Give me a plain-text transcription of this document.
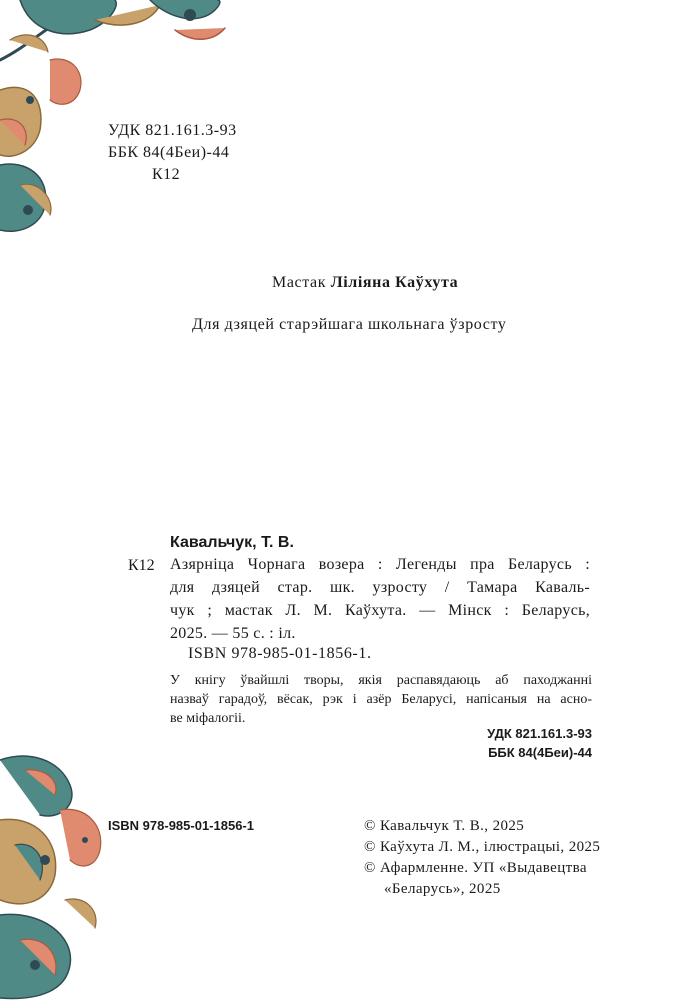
УДК 821.161.3-93
ББК 84(4Беи)-44
К12
Мастак Ліліяна Каўхута
Для дзяцей старэйшага школьнага ўзросту
Кавальчук, Т. В.
К12 Азярніца Чорнага возера : Легенды пра Беларусь :
для дзяцей стар. шк. узросту / Тамара Каваль-
чук ; мастак Л. М. Каўхута. — Мінск : Беларусь,
2025. — 55 с. : іл.
ISBN 978-985-01-1856-1.
У кнігу ўвайшлі творы, якія распавядаюць аб паходжанні
назваў гарадоў, вёсак, рэк і азёр Беларусі, напісаныя на асно-
ве міфалогіі.
УДК 821.161.3-93
ББК 84(4Беи)-44
ISBN 978-985-01-1856-1	© Кавальчук Т. В., 2025
© Каўхута Л. М., ілюстрацыі, 2025
© Афармленне. УП «Выдавецтва
«Беларусь», 2025
